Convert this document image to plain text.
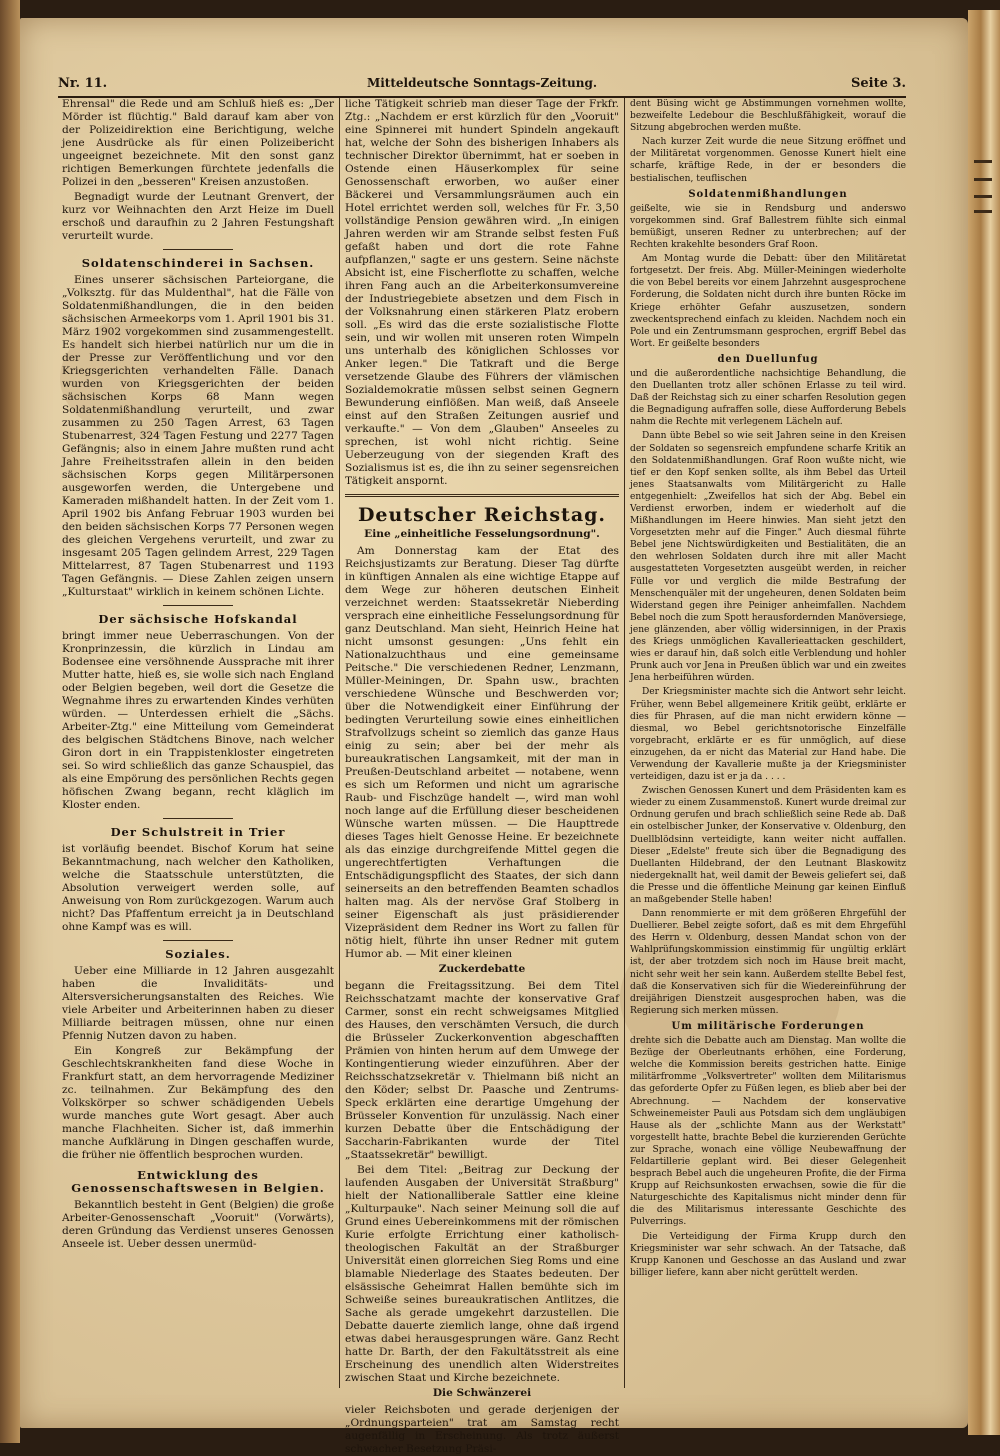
Nr. 11.	Mitteldeutsche Sonntags-Zeitung.	Seite 3.

Ehrensal" die Rede und am Schluß hieß es: „Der Mörder ist flüchtig." Bald darauf kam aber von der Polizeidirektion eine Berichtigung, welche jene Ausdrücke als für einen Polizeibericht ungeeignet bezeichnete. Mit den sonst ganz richtigen Bemerkungen fürchtete jedenfalls die Polizei in den „besseren" Kreisen anzustoßen.

Begnadigt wurde der Leutnant Grenvert, der kurz vor Weihnachten den Arzt Heize im Duell erschoß und daraufhin zu 2 Jahren Festungshaft verurteilt wurde.

Soldatenschinderei in Sachsen.

Eines unserer sächsischen Parteiorgane, die „Volksztg. für das Muldenthal", hat die Fälle von Soldatenmißhandlungen, die in den beiden sächsischen Armeekorps vom 1. April 1901 bis 31. März 1902 vorgekommen sind zusammengestellt. Es handelt sich hierbei natürlich nur um die in der Presse zur Veröffentlichung und vor den Kriegsgerichten verhandelten Fälle. Danach wurden von Kriegsgerichten der beiden sächsischen Korps 68 Mann wegen Soldatenmißhandlung verurteilt, und zwar zusammen zu 250 Tagen Arrest, 63 Tagen Stubenarrest, 324 Tagen Festung und 2277 Tagen Gefängnis; also in einem Jahre mußten rund acht Jahre Freiheitsstrafen allein in den beiden sächsischen Korps gegen Militärpersonen ausgeworfen werden, die Untergebene und Kameraden mißhandelt hatten. In der Zeit vom 1. April 1902 bis Anfang Februar 1903 wurden bei den beiden sächsischen Korps 77 Personen wegen des gleichen Vergehens verurteilt, und zwar zu insgesamt 205 Tagen gelindem Arrest, 229 Tagen Mittelarrest, 87 Tagen Stubenarrest und 1193 Tagen Gefängnis. — Diese Zahlen zeigen unsern „Kulturstaat" wirklich in keinem schönen Lichte.

Der sächsische Hofskandal

bringt immer neue Ueberraschungen. Von der Kronprinzessin, die kürzlich in Lindau am Bodensee eine versöhnende Aussprache mit ihrer Mutter hatte, hieß es, sie wolle sich nach England oder Belgien begeben, weil dort die Gesetze die Wegnahme ihres zu erwartenden Kindes verhüten würden. — Unterdessen erhielt die „Sächs. Arbeiter-Ztg." eine Mitteilung vom Gemeinderat des belgischen Städtchens Binove, nach welcher Giron dort in ein Trappistenkloster eingetreten sei. So wird schließlich das ganze Schauspiel, das als eine Empörung des persönlichen Rechts gegen höfischen Zwang begann, recht kläglich im Kloster enden.

Der Schulstreit in Trier

ist vorläufig beendet. Bischof Korum hat seine Bekanntmachung, nach welcher den Katholiken, welche die Staatsschule unterstützten, die Absolution verweigert werden solle, auf Anweisung von Rom zurückgezogen. Warum auch nicht? Das Pfaffentum erreicht ja in Deutschland ohne Kampf was es will.

Soziales.

Ueber eine Milliarde in 12 Jahren ausgezahlt haben die Invaliditäts- und Altersversicherungsanstalten des Reiches. Wie viele Arbeiter und Arbeiterinnen haben zu dieser Milliarde beitragen müssen, ohne nur einen Pfennig Nutzen davon zu haben.

Ein Kongreß zur Bekämpfung der Geschlechtskrankheiten fand diese Woche in Frankfurt statt, an dem hervorragende Mediziner zc. teilnahmen. Zur Bekämpfung des den Volkskörper so schwer schädigenden Uebels wurde manches gute Wort gesagt. Aber auch manche Flachheiten. Sicher ist, daß immerhin manche Aufklärung in Dingen geschaffen wurde, die früher nie öffentlich besprochen wurden.

Entwicklung des Genossenschaftswesen in Belgien.

Bekanntlich besteht in Gent (Belgien) die große Arbeiter-Genossenschaft „Vooruit" (Vorwärts), deren Gründung das Verdienst unseres Genossen Anseele ist. Ueber dessen unermüd-

liche Tätigkeit schrieb man dieser Tage der Frkfr. Ztg.: „Nachdem er erst kürzlich für den „Vooruit" eine Spinnerei mit hundert Spindeln angekauft hat, welche der Sohn des bisherigen Inhabers als technischer Direktor übernimmt, hat er soeben in Ostende einen Häuserkomplex für seine Genossenschaft erworben, wo außer einer Bäckerei und Versammlungsräumen auch ein Hotel errichtet werden soll, welches für Fr. 3,50 vollständige Pension gewähren wird. „In einigen Jahren werden wir am Strande selbst festen Fuß gefaßt haben und dort die rote Fahne aufpflanzen," sagte er uns gestern. Seine nächste Absicht ist, eine Fischerflotte zu schaffen, welche ihren Fang auch an die Arbeiterkonsumvereine der Industriegebiete absetzen und dem Fisch in der Volksnahrung einen stärkeren Platz erobern soll. „Es wird das die erste sozialistische Flotte sein, und wir wollen mit unseren roten Wimpeln uns unterhalb des königlichen Schlosses vor Anker legen." Die Tatkraft und die Berge versetzende Glaube des Führers der vlämischen Sozialdemokratie müssen selbst seinen Gegnern Bewunderung einflößen. Man weiß, daß Anseele einst auf den Straßen Zeitungen ausrief und verkaufte." — Von dem „Glauben" Anseeles zu sprechen, ist wohl nicht richtig. Seine Ueberzeugung von der siegenden Kraft des Sozialismus ist es, die ihn zu seiner segensreichen Tätigkeit anspornt.

Deutscher Reichstag.
Eine „einheitliche Fesselungsordnung".

Am Donnerstag kam der Etat des Reichsjustizamts zur Beratung. Dieser Tag dürfte in künftigen Annalen als eine wichtige Etappe auf dem Wege zur höheren deutschen Einheit verzeichnet werden: Staatssekretär Nieberding versprach eine einheitliche Fesselungsordnung für ganz Deutschland. Man sieht, Heinrich Heine hat nicht umsonst gesungen: „Uns fehlt ein Nationalzuchthaus und eine gemeinsame Peitsche." Die verschiedenen Redner, Lenzmann, Müller-Meiningen, Dr. Spahn usw., brachten verschiedene Wünsche und Beschwerden vor; über die Notwendigkeit einer Einführung der bedingten Verurteilung sowie eines einheitlichen Strafvollzugs scheint so ziemlich das ganze Haus einig zu sein; aber bei der mehr als bureaukratischen Langsamkeit, mit der man in Preußen-Deutschland arbeitet — notabene, wenn es sich um Reformen und nicht um agrarische Raub- und Fischzüge handelt —, wird man wohl noch lange auf die Erfüllung dieser bescheidenen Wünsche warten müssen. — Die Haupttrede dieses Tages hielt Genosse Heine. Er bezeichnete als das einzige durchgreifende Mittel gegen die ungerechtfertigten Verhaftungen die Entschädigungspflicht des Staates, der sich dann seinerseits an den betreffenden Beamten schadlos halten mag. Als der nervöse Graf Stolberg in seiner Eigenschaft als just präsidierender Vizepräsident dem Redner ins Wort zu fallen für nötig hielt, führte ihn unser Redner mit gutem Humor ab. — Mit einer kleinen

Zuckerdebatte

begann die Freitagssitzung. Bei dem Titel Reichsschatzamt machte der konservative Graf Carmer, sonst ein recht schweigsames Mitglied des Hauses, den verschämten Versuch, die durch die Brüsseler Zuckerkonvention abgeschafften Prämien von hinten herum auf dem Umwege der Kontingentierung wieder einzuführen. Aber der Reichsschatzsekretär v. Thielmann biß nicht an den Köder; selbst Dr. Paasche und Zentrums-Speck erklärten eine derartige Umgehung der Brüsseler Konvention für unzulässig. Nach einer kurzen Debatte über die Entschädigung der Saccharin-Fabrikanten wurde der Titel „Staatssekretär" bewilligt.

Bei dem Titel: „Beitrag zur Deckung der laufenden Ausgaben der Universität Straßburg" hielt der Nationalliberale Sattler eine kleine „Kulturpauke". Nach seiner Meinung soll die auf Grund eines Uebereinkommens mit der römischen Kurie erfolgte Errichtung einer katholisch-theologischen Fakultät an der Straßburger Universität einen glorreichen Sieg Roms und eine blamable Niederlage des Staates bedeuten. Der elsässische Geheimrat Hallen bemühte sich im Schweiße seines bureaukratischen Antlitzes, die Sache als gerade umgekehrt darzustellen. Die Debatte dauerte ziemlich lange, ohne daß irgend etwas dabei herausgesprungen wäre. Ganz Recht hatte Dr. Barth, der den Fakultätsstreit als eine Erscheinung des unendlich alten Widerstreites zwischen Staat und Kirche bezeichnete.

Die Schwänzerei

vieler Reichsboten und gerade derjenigen der „Ordnungsparteien" trat am Samstag recht augenfällig in Erscheinung. Als trotz äußerst schwacher Besetzung Präsi-

dent Büsing wicht ge Abstimmungen vornehmen wollte, bezweifelte Ledebour die Beschlußfähigkeit, worauf die Sitzung abgebrochen werden mußte.

Nach kurzer Zeit wurde die neue Sitzung eröffnet und der Militäretat vorgenommen. Genosse Kunert hielt eine scharfe, kräftige Rede, in der er besonders die bestialischen, teuflischen

Soldatenmißhandlungen

geißelte, wie sie in Rendsburg und anderswo vorgekommen sind. Graf Ballestrem fühlte sich einmal bemüßigt, unseren Redner zu unterbrechen; auf der Rechten krakehlte besonders Graf Roon.

Am Montag wurde die Debatt: über den Militäretat fortgesetzt. Der freis. Abg. Müller-Meiningen wiederholte die von Bebel bereits vor einem Jahrzehnt ausgesprochene Forderung, die Soldaten nicht durch ihre bunten Röcke im Kriege erhöhter Gefahr auszusetzen, sondern zweckentsprechend einfach zu kleiden. Nachdem noch ein Pole und ein Zentrumsmann gesprochen, ergriff Bebel das Wort. Er geißelte besonders

den Duellunfug

und die außerordentliche nachsichtige Behandlung, die den Duellanten trotz aller schönen Erlasse zu teil wird. Daß der Reichstag sich zu einer scharfen Resolution gegen die Begnadigung aufraffen solle, diese Aufforderung Bebels nahm die Rechte mit verlegenem Lächeln auf.

Dann übte Bebel so wie seit Jahren seine in den Kreisen der Soldaten so segensreich empfundene scharfe Kritik an den Soldatenmißhandlungen. Graf Roon wußte nicht, wie tief er den Kopf senken sollte, als ihm Bebel das Urteil jenes Staatsanwalts vom Militärgericht zu Halle entgegenhielt: „Zweifellos hat sich der Abg. Bebel ein Verdienst erworben, indem er wiederholt auf die Mißhandlungen im Heere hinwies. Man sieht jetzt den Vorgesetzten mehr auf die Finger." Auch diesmal führte Bebel jene Nichtswürdigkeiten und Bestialitäten, die an den wehrlosen Soldaten durch ihre mit aller Macht ausgestatteten Vorgesetzten ausgeübt werden, in reicher Fülle vor und verglich die milde Bestrafung der Menschenquäler mit der ungeheuren, denen Soldaten beim Widerstand gegen ihre Peiniger anheimfallen. Nachdem Bebel noch die zum Spott herausfordernden Manöversiege, jene glänzenden, aber völlig widersinnigen, in der Praxis des Kriegs unmöglichen Kavallerieattacken geschildert, wies er darauf hin, daß solch eitle Verblendung und hohler Prunk auch vor Jena in Preußen üblich war und ein zweites Jena herbeiführen würden.

Der Kriegsminister machte sich die Antwort sehr leicht. Früher, wenn Bebel allgemeinere Kritik geübt, erklärte er dies für Phrasen, auf die man nicht erwidern könne — diesmal, wo Bebel gerichtsnotorische Einzelfälle vorgebracht, erklärte er es für unmöglich, auf diese einzugehen, da er nicht das Material zur Hand habe. Die Verwendung der Kavallerie mußte ja der Kriegsminister verteidigen, dazu ist er ja da . . . .

Zwischen Genossen Kunert und dem Präsidenten kam es wieder zu einem Zusammenstoß. Kunert wurde dreimal zur Ordnung gerufen und brach schließlich seine Rede ab. Daß ein ostelbischer Junker, der Konservative v. Oldenburg, den Duellblödsinn verteidigte, kann weiter nicht auffallen. Dieser „Edelste" freute sich über die Begnadigung des Duellanten Hildebrand, der den Leutnant Blaskowitz niedergeknallt hat, weil damit der Beweis geliefert sei, daß die Presse und die öffentliche Meinung gar keinen Einfluß an maßgebender Stelle haben!

Dann renommierte er mit dem größeren Ehrgefühl der Duellierer. Bebel zeigte sofort, daß es mit dem Ehrgefühl des Herrn v. Oldenburg, dessen Mandat schon von der Wahlprüfungskommission einstimmig für ungültig erklärt ist, der aber trotzdem sich noch im Hause breit macht, nicht sehr weit her sein kann. Außerdem stellte Bebel fest, daß die Konservativen sich für die Wiedereinführung der dreijährigen Dienstzeit ausgesprochen haben, was die Regierung sich merken müssen.

Um militärische Forderungen

drehte sich die Debatte auch am Dienstag. Man wollte die Bezüge der Oberleutnants erhöhen, eine Forderung, welche die Kommission bereits gestrichen hatte. Einige militärfromme „Volksvertreter" wollten dem Militarismus das geforderte Opfer zu Füßen legen, es blieb aber bei der Abrechnung. — Nachdem der konservative Schweinemeister Pauli aus Potsdam sich dem ungläubigen Hause als der „schlichte Mann aus der Werkstatt" vorgestellt hatte, brachte Bebel die kurzierenden Gerüchte zur Sprache, wonach eine völlige Neubewaffnung der Feldartillerie geplant wird. Bei dieser Gelegenheit besprach Bebel auch die ungeheuren Profite, die der Firma Krupp auf Reichsunkosten erwachsen, sowie die für die Naturgeschichte des Kapitalismus nicht minder denn für die des Militarismus interessante Geschichte des Pulverrings.

Die Verteidigung der Firma Krupp durch den Kriegsminister war sehr schwach. An der Tatsache, daß Krupp Kanonen und Geschosse an das Ausland und zwar billiger liefere, kann aber nicht gerüttelt werden.
